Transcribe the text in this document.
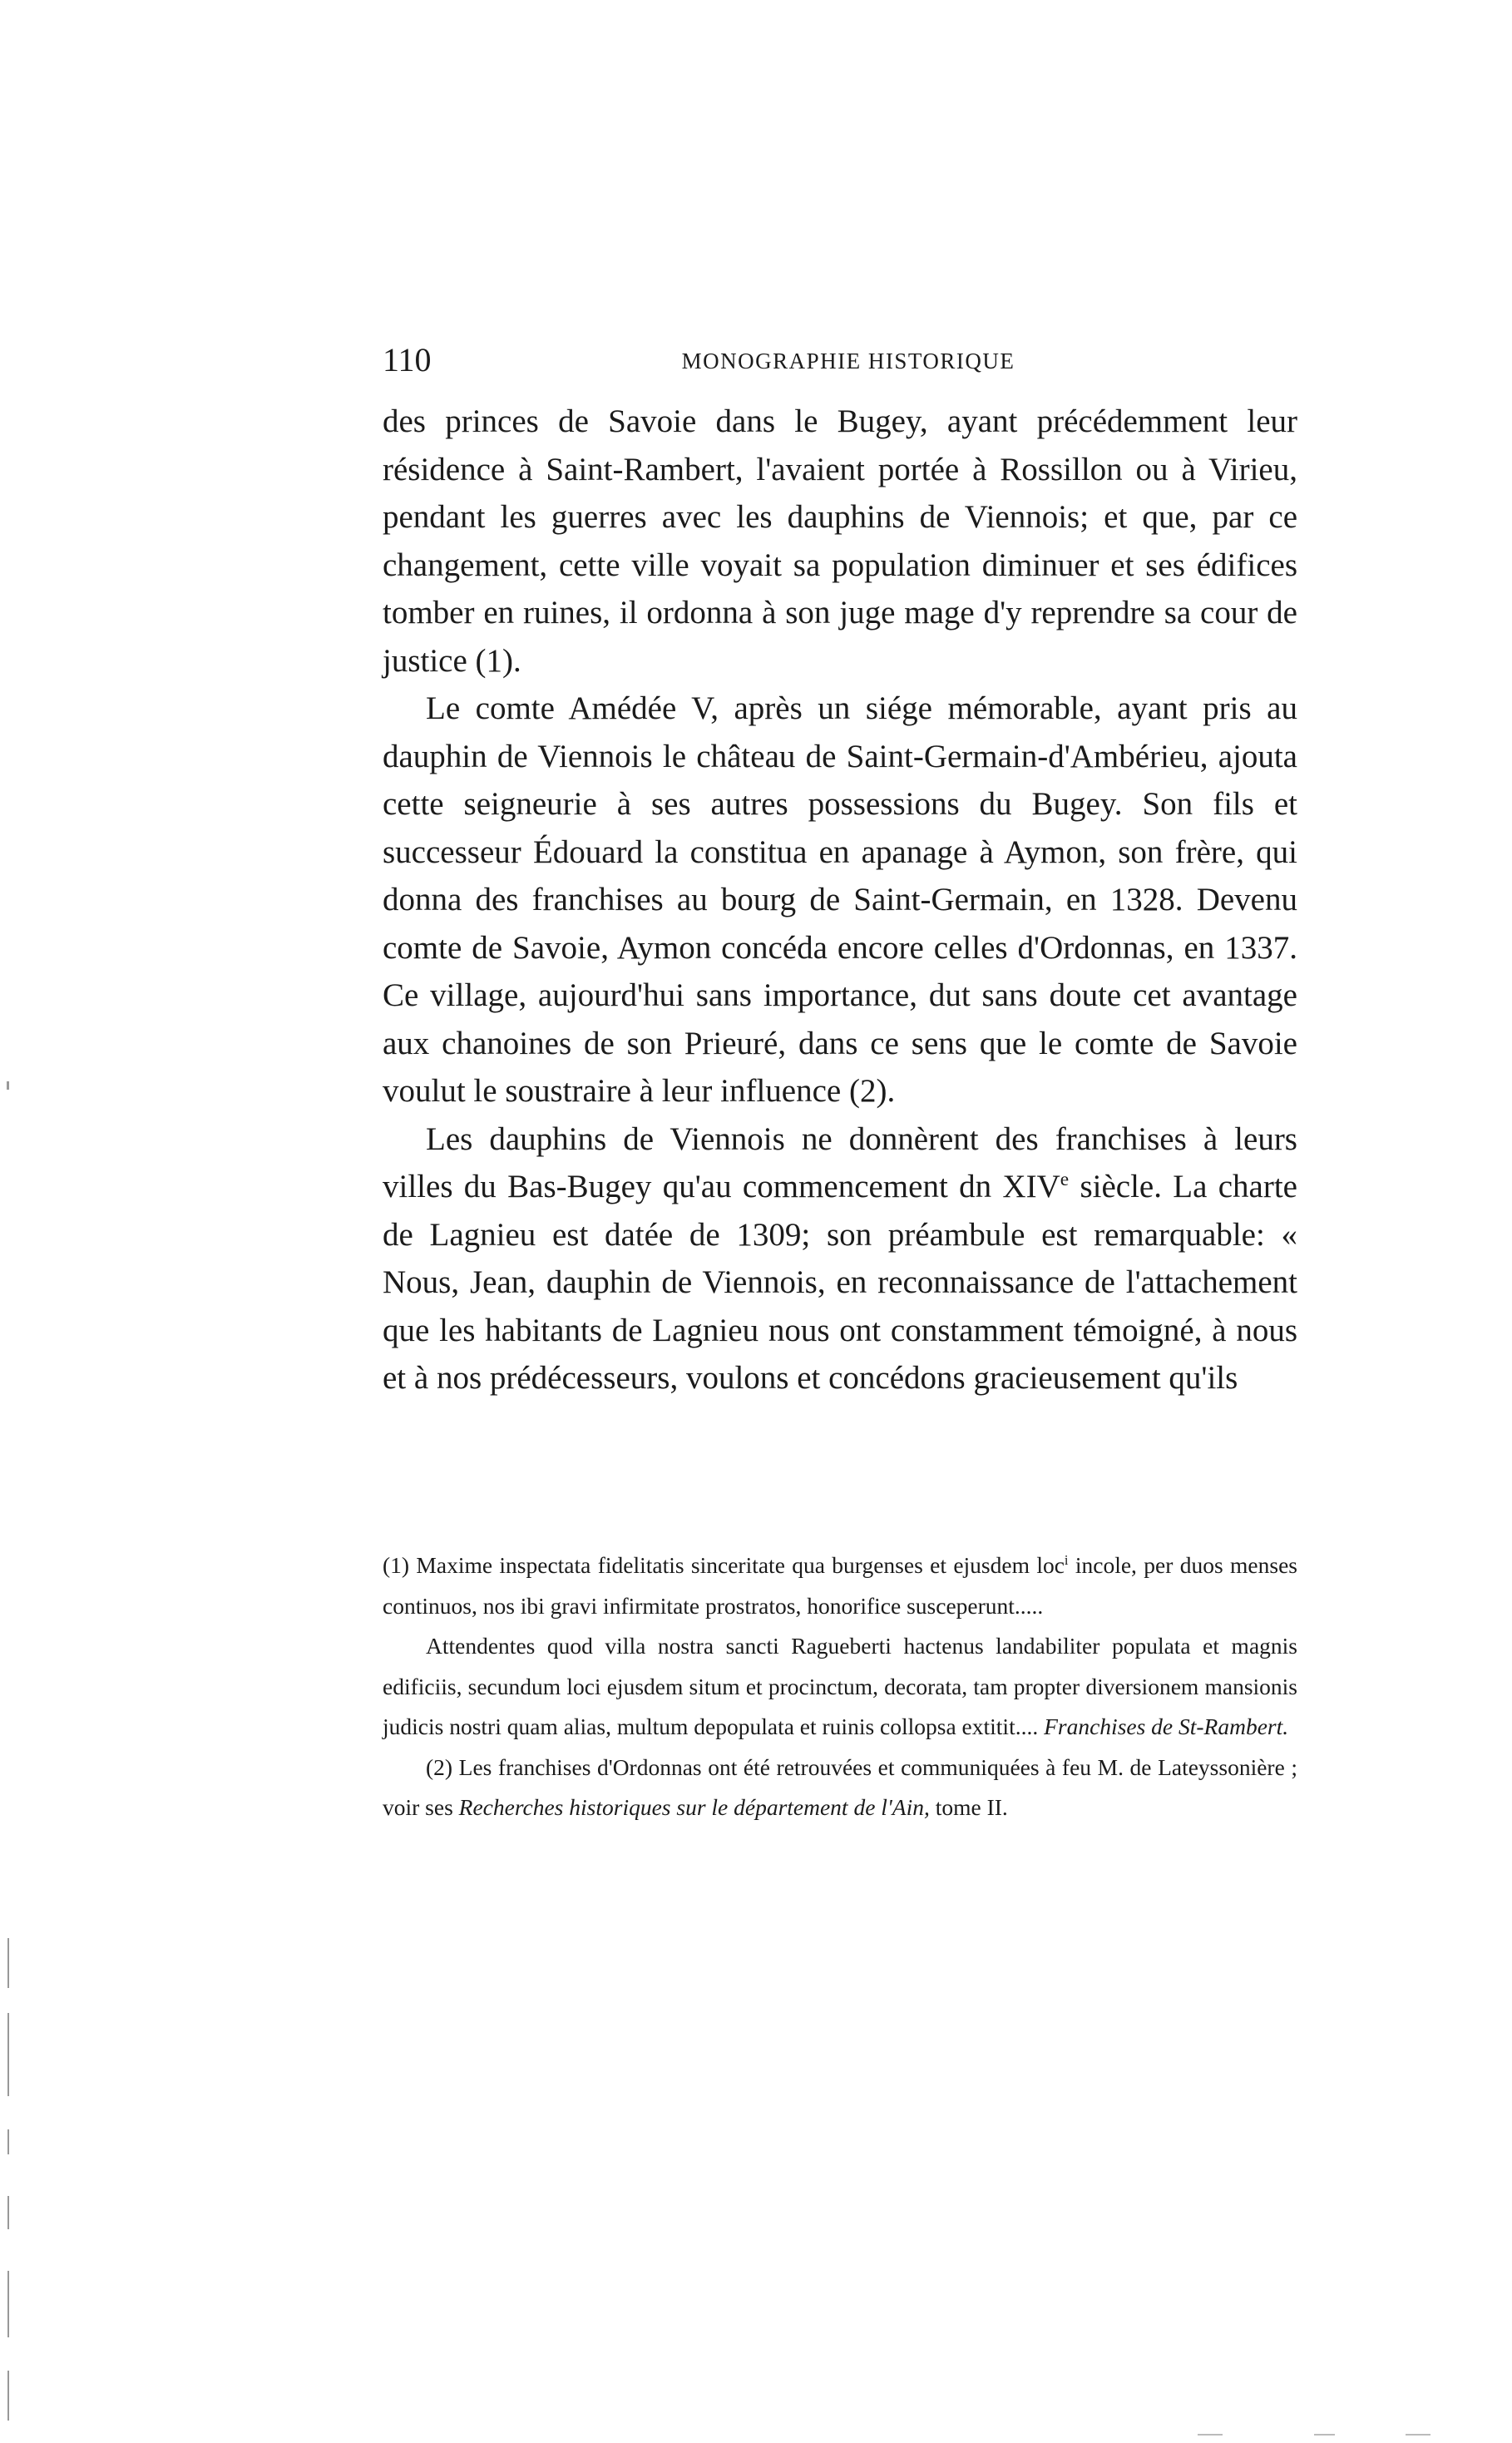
110	MONOGRAPHIE HISTORIQUE

des princes de Savoie dans le Bugey, ayant précédemment leur résidence à Saint-Rambert, l'avaient portée à Rossillon ou à Virieu, pendant les guerres avec les dauphins de Viennois; et que, par ce changement, cette ville voyait sa population diminuer et ses édifices tomber en ruines, il ordonna à son juge mage d'y reprendre sa cour de justice (1).

Le comte Amédée V, après un siége mémorable, ayant pris au dauphin de Viennois le château de Saint-Germain-d'Ambérieu, ajouta cette seigneurie à ses autres possessions du Bugey. Son fils et successeur Édouard la constitua en apanage à Aymon, son frère, qui donna des franchises au bourg de Saint-Germain, en 1328. Devenu comte de Savoie, Aymon concéda encore celles d'Ordonnas, en 1337. Ce village, aujourd'hui sans importance, dut sans doute cet avantage aux chanoines de son Prieuré, dans ce sens que le comte de Savoie voulut le soustraire à leur influence (2).

Les dauphins de Viennois ne donnèrent des franchises à leurs villes du Bas-Bugey qu'au commencement dn XIVe siècle. La charte de Lagnieu est datée de 1309; son préambule est remarquable: « Nous, Jean, dauphin de Viennois, en reconnaissance de l'attachement que les habitants de Lagnieu nous ont constamment témoigné, à nous et à nos prédécesseurs, voulons et concédons gracieusement qu'ils

(1) Maxime inspectata fidelitatis sinceritate qua burgenses et ejusdem loc$^i$ incole, per duos menses continuos, nos ibi gravi infirmitate prostratos, honorifice susceperunt.....

Attendentes quod villa nostra sancti Ragueberti hactenus landabiliter populata et magnis edificiis, secundum loci ejusdem situm et procinctum, decorata, tam propter diversionem mansionis judicis nostri quam alias, multum depopulata et ruinis collopsa extitit.... Franchises de St-Rambert.

(2) Les franchises d'Ordonnas ont été retrouvées et communiquées à feu M. de Lateyssonière ; voir ses Recherches historiques sur le département de l'Ain, tome II.
